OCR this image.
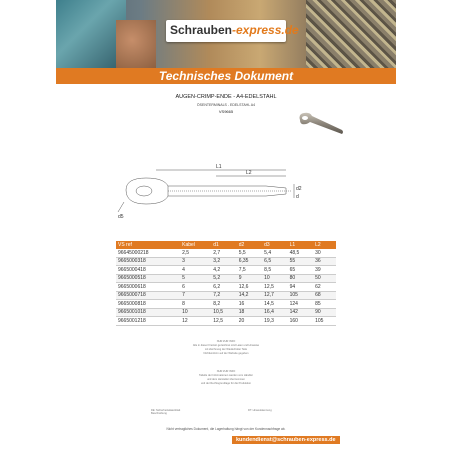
Schrauben-express.de
Technisches Dokument
AUGEN-CRIMP-ENDE - A4-EDELSTAHL
ÖSENTERMINALS - EDELSTAHL A4
VS9665
L1
L2
d2
d
d5
VS ref	Kabel	d1	d2	d3	L1	L2
96645000218	2,5	2,7	5,5	5,4	48,5	30
9665000318	3	3,2	6,35	6,5	55	36
9665000418	4	4,2	7,5	8,5	65	39
9665000518	5	5,2	9	10	80	50
9665000618	6	6,2	12,6	12,5	94	62
9665000718	7	7,2	14,2	12,7	105	68
9665000818	8	8,2	16	14,5	124	85
9665001018	10	10,5	18	16,4	142	90
9665001218	12	12,5	20	19,3	160	105
NUR ZUR INFO
Alle in dieser Freizeit gezeichnet sind Laien und Hinweise
mit Zeichnung der Wiederholter Teile
Nichtkonform auf der Website gegeben
NUR ZUR INFO
Tabelle der Informationen werden vom Händler
und dem Hersteller übernommen
und der Rechtsgrundlage für die Produktion
DE: Sicherheitsdatenblatt
Beschreibung
DT: Hinweiskennung
Nicht vertragliches Dokument, die Lagerhaltung hängt von der Kundennachfrage ab.
kundendienst@schrauben-express.de
